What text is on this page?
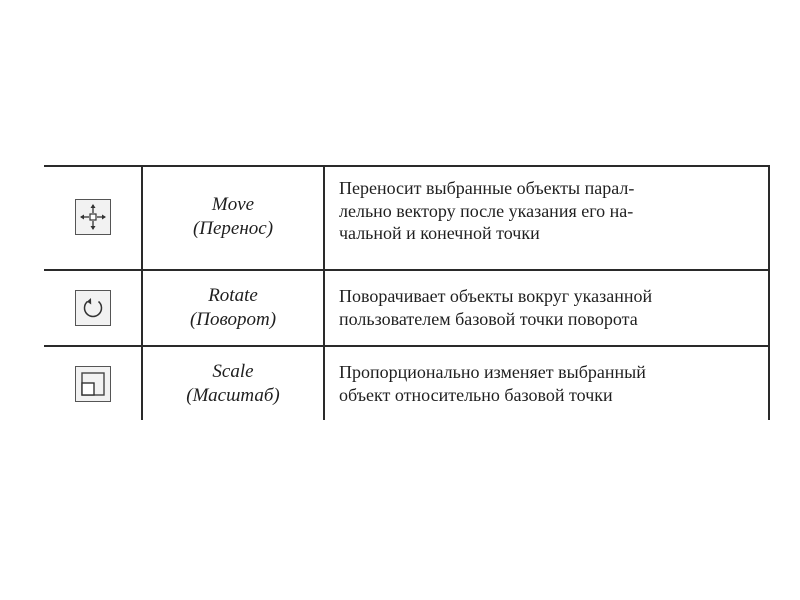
Move
(Перенос)
Переносит выбранные объекты парал-
лельно вектору после указания его на-
чальной и конечной точки
Rotate
(Поворот)
Поворачивает объекты вокруг указанной
пользователем базовой точки поворота
Scale
(Масштаб)
Пропорционально изменяет выбранный
объект относительно базовой точки
